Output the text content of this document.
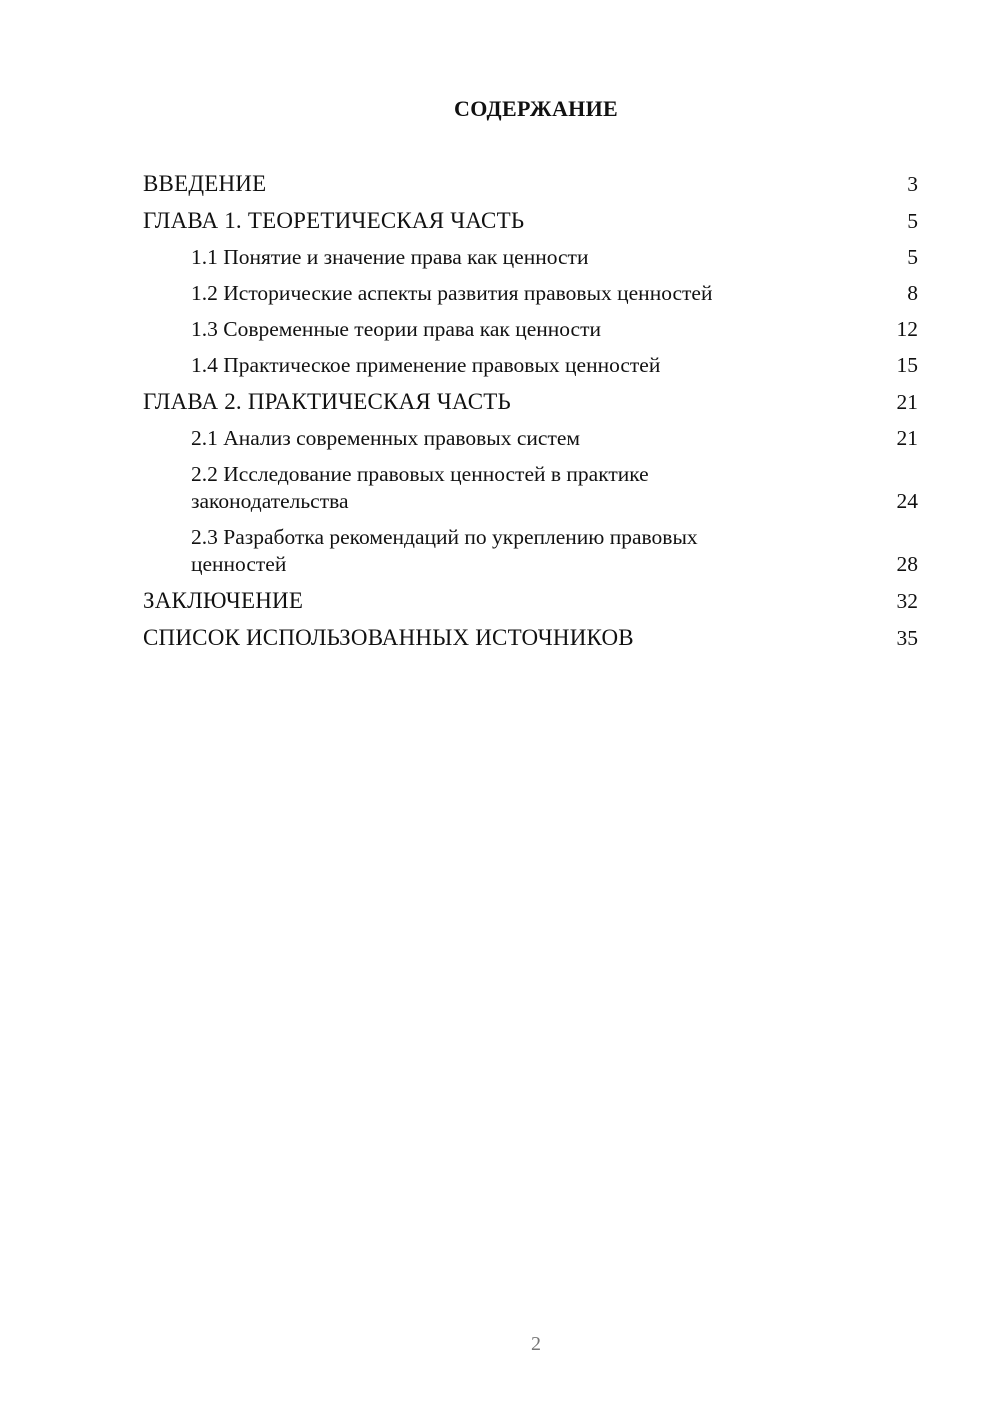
СОДЕРЖАНИЕ
ВВЕДЕНИЕ	3
ГЛАВА 1. ТЕОРЕТИЧЕСКАЯ ЧАСТЬ	5
1.1 Понятие и значение права как ценности	5
1.2 Исторические аспекты развития правовых ценностей	8
1.3 Современные теории права как ценности	12
1.4 Практическое применение правовых ценностей	15
ГЛАВА 2. ПРАКТИЧЕСКАЯ ЧАСТЬ	21
2.1 Анализ современных правовых систем	21
2.2 Исследование правовых ценностей в практике законодательства	24
2.3 Разработка рекомендаций по укреплению правовых ценностей	28
ЗАКЛЮЧЕНИЕ	32
СПИСОК ИСПОЛЬЗОВАННЫХ ИСТОЧНИКОВ	35
2
